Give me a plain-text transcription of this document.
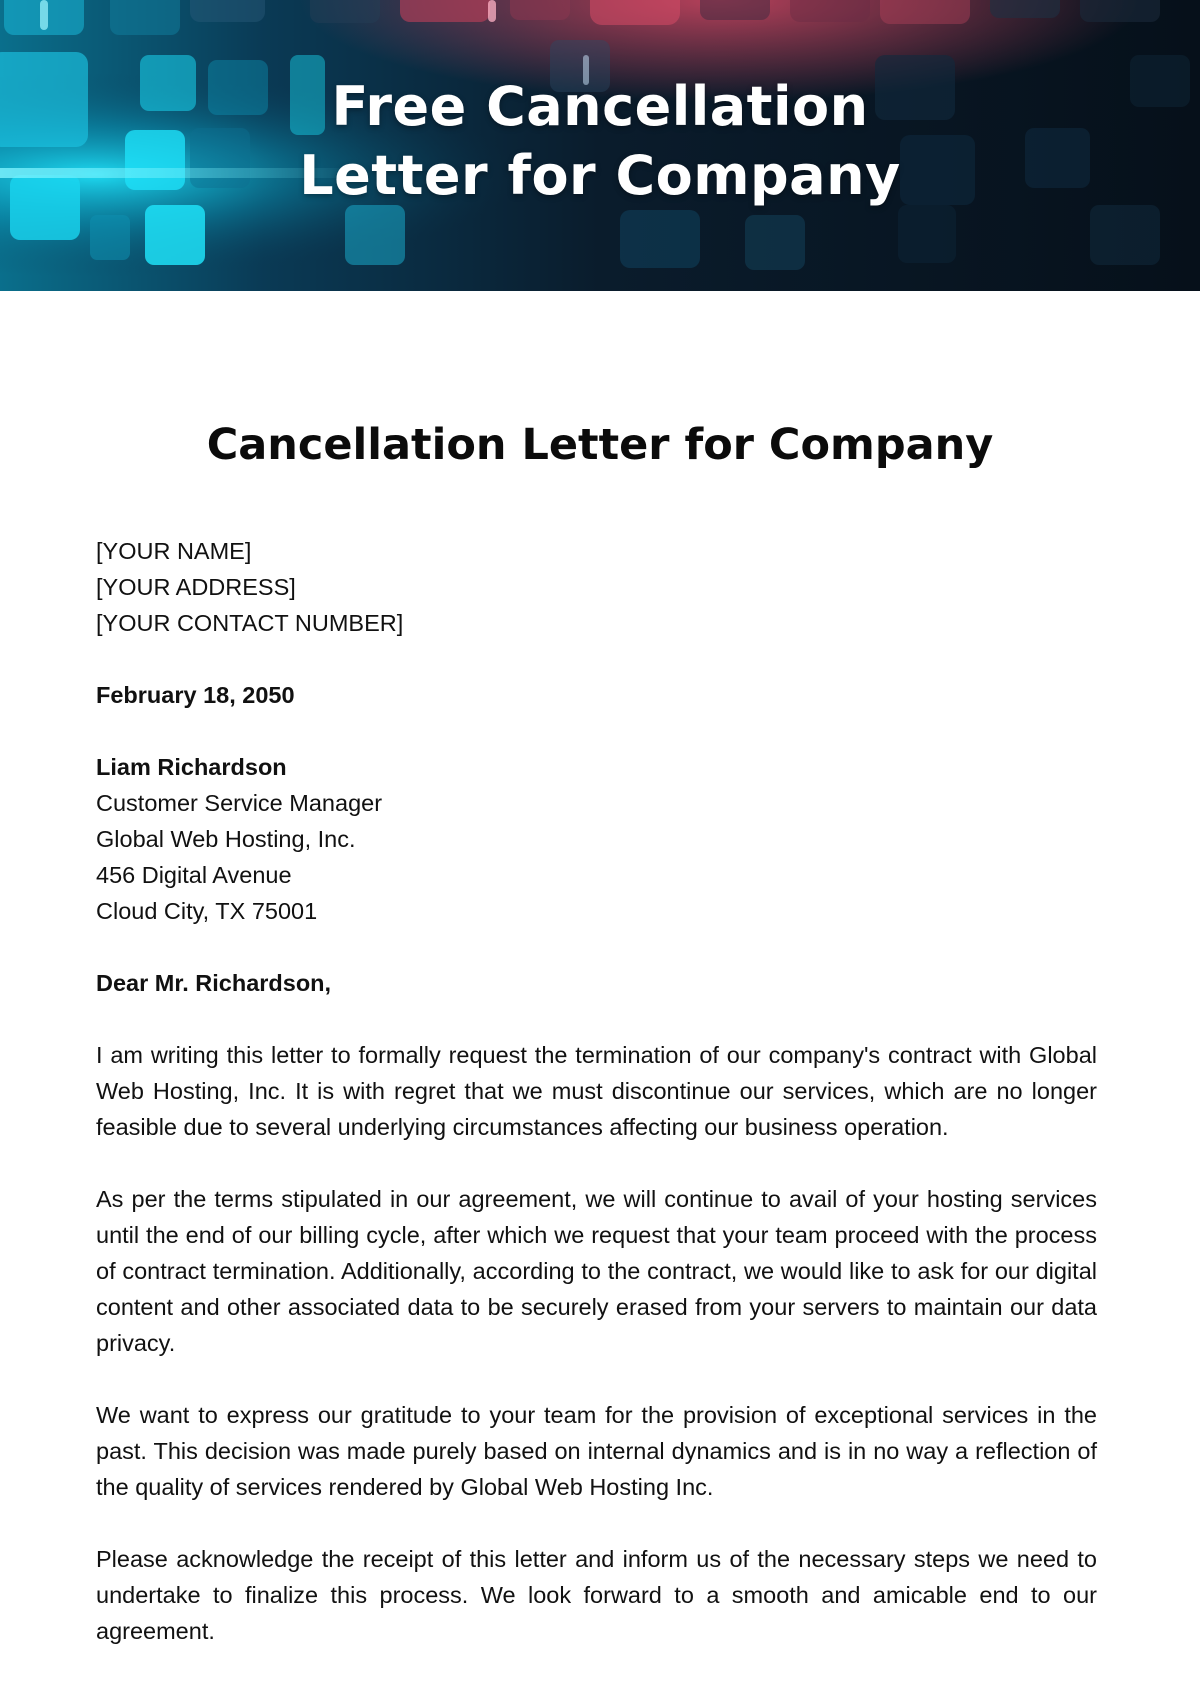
Free Cancellation
Letter for Company
Cancellation Letter for Company
[YOUR NAME]
[YOUR ADDRESS]
[YOUR CONTACT NUMBER]
February 18, 2050
Liam Richardson
Customer Service Manager
Global Web Hosting, Inc.
456 Digital Avenue
Cloud City, TX 75001
Dear Mr. Richardson,

I am writing this letter to formally request the termination of our company's contract with Global Web Hosting, Inc. It is with regret that we must discontinue our services, which are no longer feasible due to several underlying circumstances affecting our business operation.

As per the terms stipulated in our agreement, we will continue to avail of your hosting services until the end of our billing cycle, after which we request that your team proceed with the process of contract termination. Additionally, according to the contract, we would like to ask for our digital content and other associated data to be securely erased from your servers to maintain our data privacy.

We want to express our gratitude to your team for the provision of exceptional services in the past. This decision was made purely based on internal dynamics and is in no way a reflection of the quality of services rendered by Global Web Hosting Inc.

Please acknowledge the receipt of this letter and inform us of the necessary steps we need to undertake to finalize this process. We look forward to a smooth and amicable end to our agreement.
